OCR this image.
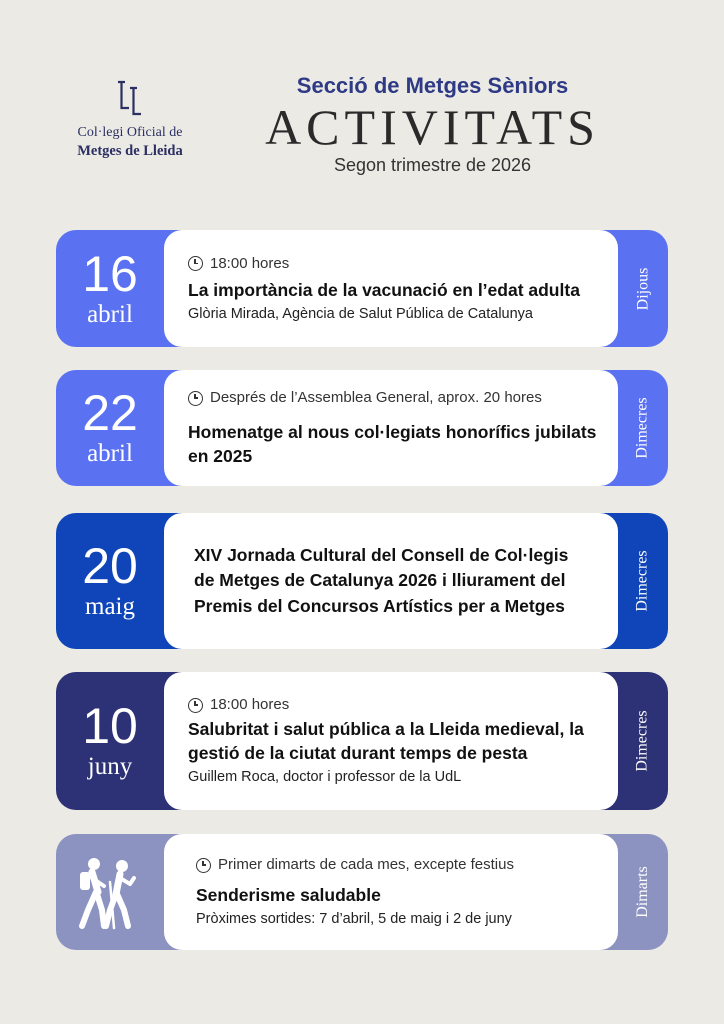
Col·legi Oficial de
Metges de Lleida
Secció de Metges Sèniors
ACTIVITATS
Segon trimestre de 2026
16
abril
18:00 hores
La importància de la vacunació en l’edat adulta
Glòria Mirada, Agència de Salut Pública de Catalunya
Dijous
22
abril
Després de l’Assemblea General, aprox. 20 hores
Homenatge al nous col·legiats honorífics jubilats en 2025	Dimecres
20
maig
XIV Jornada Cultural del Consell de Col·legis de Metges de Catalunya 2026 i lliurament del Premis del Concursos Artístics per a Metges	Dimecres
10
juny
18:00 hores
Salubritat i salut pública a la Lleida medieval, la gestió de la ciutat durant temps de pesta
Guillem Roca, doctor i professor de la UdL
Dimecres
Primer dimarts de cada mes, excepte festius
Senderisme saludable
Pròximes sortides: 7 d’abril, 5 de maig i 2 de juny
Dimarts
